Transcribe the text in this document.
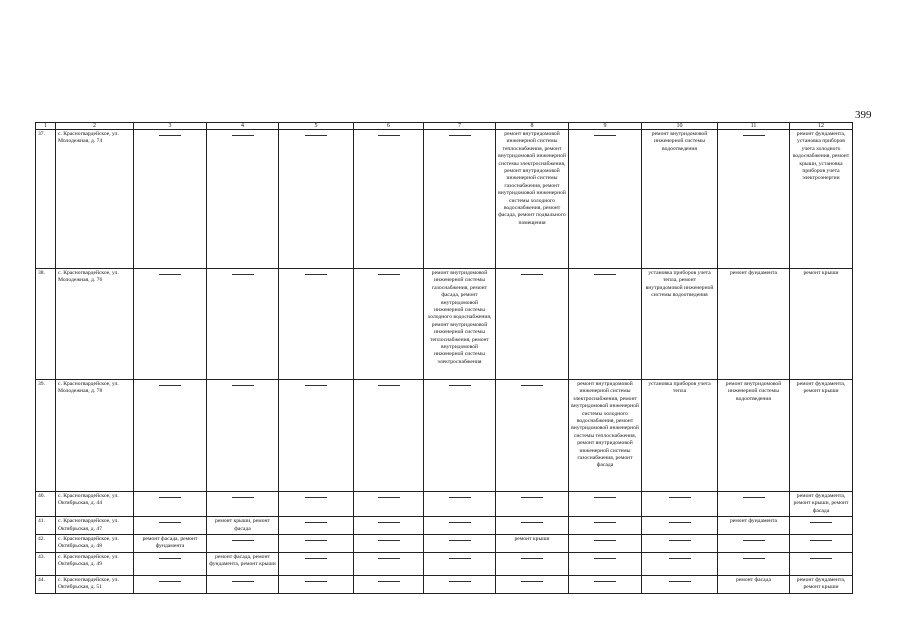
399
1	2	3	4	5	6	7	8	9	10	11	12
37.	с. Красногвардейское, ул. Молодежная, д. 74						ремонт внутридомовой инженерной системы теплоснабжения, ремонт внутридомовой инженерной системы электроснабжения, ремонт внутридомовой инженерной системы газоснабжения, ремонт внутридомовой инженерной системы холодного водоснабжения, ремонт фасада, ремонт подвального помещения		ремонт внутридомовой инженерной системы водоотведения		ремонт фундамента, установка приборов учета холодного водоснабжения, ремонт крыши, установка приборов учета электроэнергии
38.	с. Красногвардейское, ул. Молодежная, д. 76					ремонт внутридомовой инженерной системы газоснабжения, ремонт фасада, ремонт внутридомовой инженерной системы холодного водоснабжения, ремонт внутридомовой инженерной системы теплоснабжения, ремонт внутридомовой инженерной системы электроснабжения			установка приборов учета тепла, ремонт внутридомовой инженерной системы водоотведения	ремонт фундамента	ремонт крыши
39.	с. Красногвардейское, ул. Молодежная, д. 78							ремонт внутридомовой инженерной системы электроснабжения, ремонт внутридомовой инженерной системы холодного водоснабжения, ремонт внутридомовой инженерной системы теплоснабжения, ремонт внутридомовой инженерной системы газоснабжения, ремонт фасада	установка приборов учета тепла	ремонт внутридомовой инженерной системы водоотведения	ремонт фундамента, ремонт крыши
40.	с. Красногвардейское, ул. Октябрьская, д. 44										ремонт фундамента, ремонт крыши, ремонт фасада
41.	с. Красногвардейское, ул. Октябрьская, д. 47		ремонт крыши, ремонт фасада							ремонт фундамента	

42.	с. Красногвардейское, ул. Октябрьская, д. 48	ремонт фасада, ремонт фундамента					ремонт крыши	

43.	с. Красногвардейское, ул. Октябрьская, д. 49		ремонт фасада, ремонт фундамента, ремонт крыши	

44.	с. Красногвардейское, ул. Октябрьская, д. 51									ремонт фасада	ремонт фундамента, ремонт крыши
